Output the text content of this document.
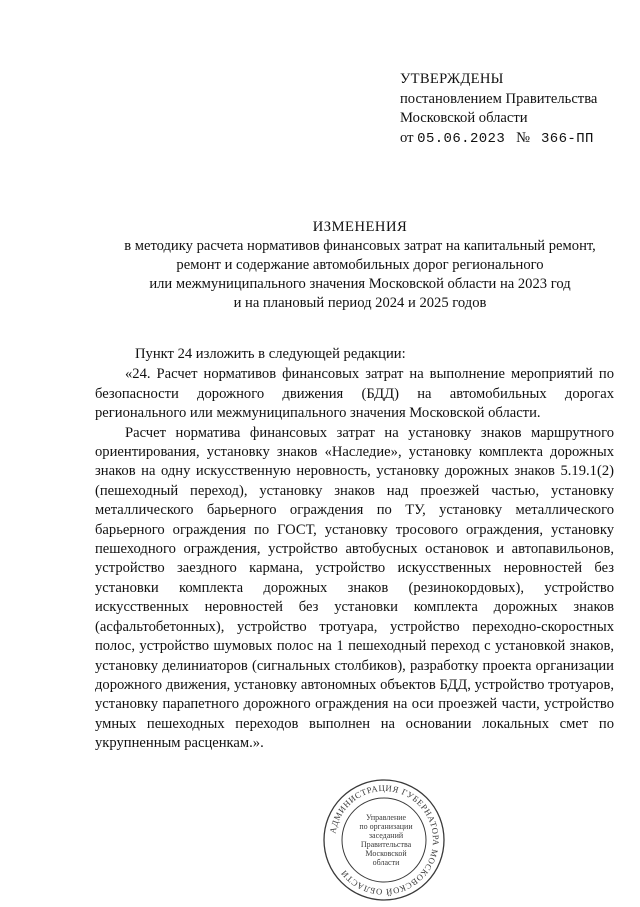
УТВЕРЖДЕНЫ
постановлением Правительства
Московской области
от 05.06.2023 № 366-ПП
ИЗМЕНЕНИЯ
в методику расчета нормативов финансовых затрат на капитальный ремонт,
ремонт и содержание автомобильных дорог регионального
или межмуниципального значения Московской области на 2023 год
и на плановый период 2024 и 2025 годов

Пункт 24 изложить в следующей редакции:

«24. Расчет нормативов финансовых затрат на выполнение мероприятий по безопасности дорожного движения (БДД) на автомобильных дорогах регионального или межмуниципального значения Московской области.

Расчет норматива финансовых затрат на установку знаков маршрутного ориентирования, установку знаков «Наследие», установку комплекта дорожных знаков на одну искусственную неровность, установку дорожных знаков 5.19.1(2) (пешеходный переход), установку знаков над проезжей частью, установку металлического барьерного ограждения по ТУ, установку металлического барьерного ограждения по ГОСТ, установку тросового ограждения, установку пешеходного ограждения, устройство автобусных остановок и автопавильонов, устройство заездного кармана, устройство искусственных неровностей без установки комплекта дорожных знаков (резинокордовых), устройство искусственных неровностей без установки комплекта дорожных знаков (асфальтобетонных), устройство тротуара, устройство переходно-скоростных полос, устройство шумовых полос на 1 пешеходный переход с установкой знаков, установку делиниаторов (сигнальных столбиков), разработку проекта организации дорожного движения, установку автономных объектов БДД, устройство тротуаров, установку парапетного дорожного ограждения на оси проезжей части, устройство умных пешеходных переходов выполнен на основании локальных смет по укрупненным расценкам.».

АДМИНИСТРАЦИЯ ГУБЕРНАТОРА МОСКОВСКОЙ ОБЛАСТИ
Управление
по организации
заседаний
Правительства
Московской
области
